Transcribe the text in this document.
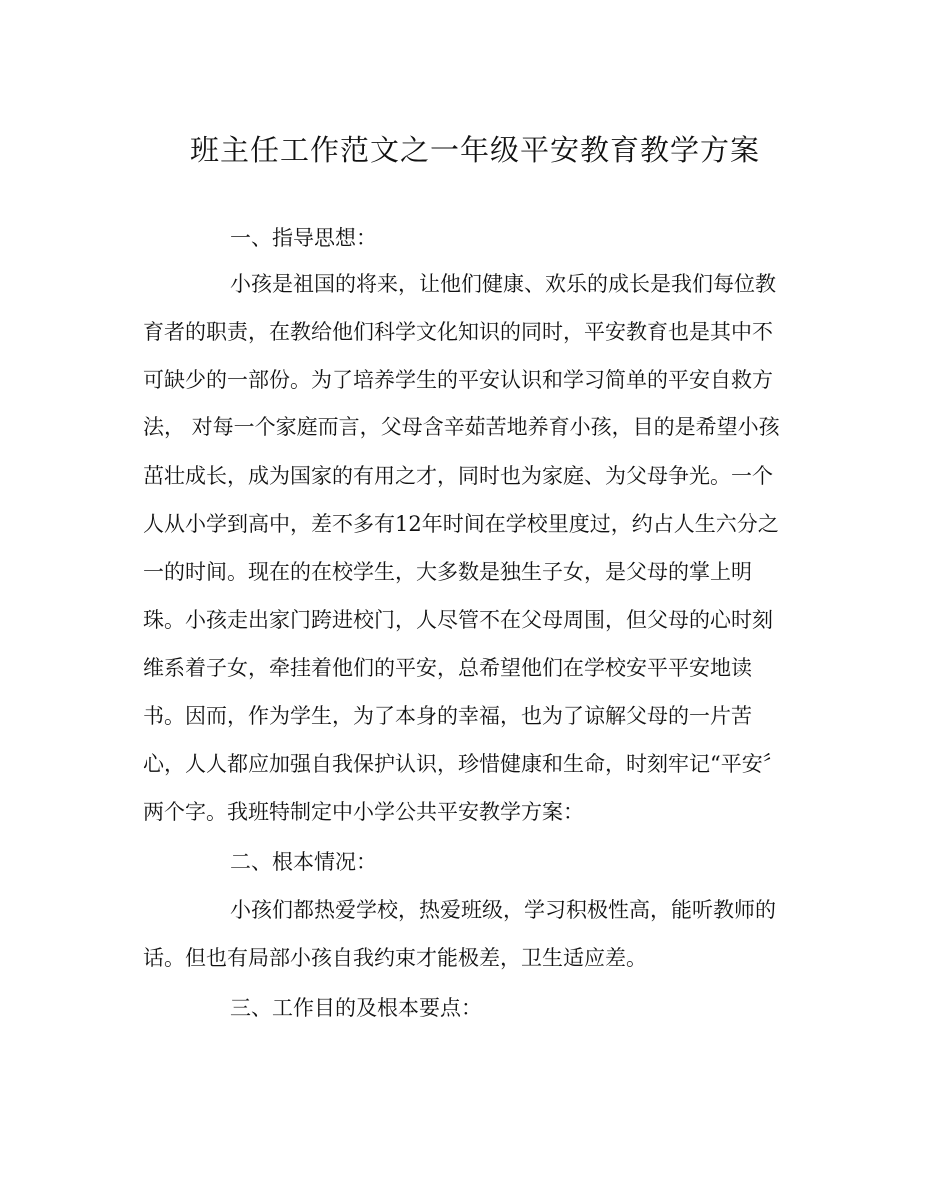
班主任工作范文之一年级平安教育教学方案
一、指导思想：
小孩是祖国的将来，让他们健康、欢乐的成长是我们每位教
育者的职责，在教给他们科学文化知识的同时，平安教育也是其中不
可缺少的一部份。为了培养学生的平安认识和学习简单的平安自救方
法， 对每一个家庭而言，父母含辛茹苦地养育小孩，目的是希望小孩
茁壮成长，成为国家的有用之才，同时也为家庭、为父母争光。一个
人从小学到高中，差不多有12年时间在学校里度过，约占人生六分之
一的时间。现在的在校学生，大多数是独生子女，是父母的掌上明
珠。小孩走出家门跨进校门，人尽管不在父母周围，但父母的心时刻
维系着子女，牵挂着他们的平安，总希望他们在学校安平平安地读
书。因而，作为学生，为了本身的幸福，也为了谅解父母的一片苦
心，人人都应加强自我保护认识，珍惜健康和生命，时刻牢记“平安〞
两个字。我班特制定中小学公共平安教学方案：
二、根本情况：
小孩们都热爱学校，热爱班级，学习积极性高，能听教师的
话。但也有局部小孩自我约束才能极差，卫生适应差。
三、工作目的及根本要点：
